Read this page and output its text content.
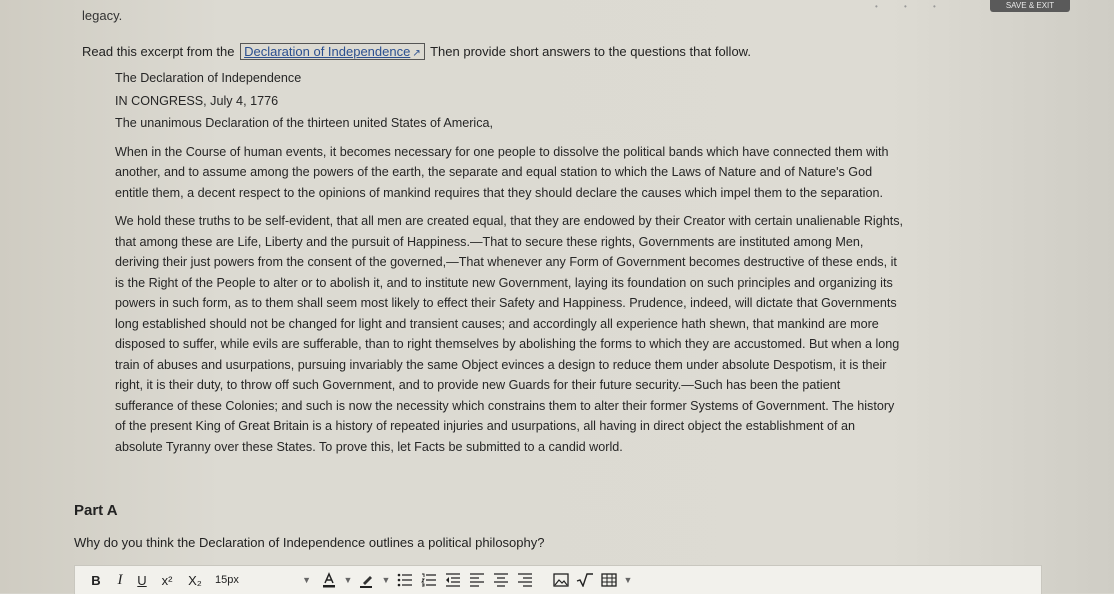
legacy.
• • •	SAVE & EXIT
Read this excerpt from the Declaration of Independence ↗ Then provide short answers to the questions that follow.
The Declaration of Independence
IN CONGRESS, July 4, 1776
The unanimous Declaration of the thirteen united States of America,
When in the Course of human events, it becomes necessary for one people to dissolve the political bands which have connected them with
another, and to assume among the powers of the earth, the separate and equal station to which the Laws of Nature and of Nature's God
entitle them, a decent respect to the opinions of mankind requires that they should declare the causes which impel them to the separation.
We hold these truths to be self-evident, that all men are created equal, that they are endowed by their Creator with certain unalienable Rights,
that among these are Life, Liberty and the pursuit of Happiness.—That to secure these rights, Governments are instituted among Men,
deriving their just powers from the consent of the governed,—That whenever any Form of Government becomes destructive of these ends, it
is the Right of the People to alter or to abolish it, and to institute new Government, laying its foundation on such principles and organizing its
powers in such form, as to them shall seem most likely to effect their Safety and Happiness. Prudence, indeed, will dictate that Governments
long established should not be changed for light and transient causes; and accordingly all experience hath shewn, that mankind are more
disposed to suffer, while evils are sufferable, than to right themselves by abolishing the forms to which they are accustomed. But when a long
train of abuses and usurpations, pursuing invariably the same Object evinces a design to reduce them under absolute Despotism, it is their
right, it is their duty, to throw off such Government, and to provide new Guards for their future security.—Such has been the patient
sufferance of these Colonies; and such is now the necessity which constrains them to alter their former Systems of Government. The history
of the present King of Great Britain is a history of repeated injuries and usurpations, all having in direct object the establishment of an
absolute Tyranny over these States. To prove this, let Facts be submitted to a candid world.
Part A
Why do you think the Declaration of Independence outlines a political philosophy?
B	I	U	x²	X₂	15px	▼	▼	▼	▼
